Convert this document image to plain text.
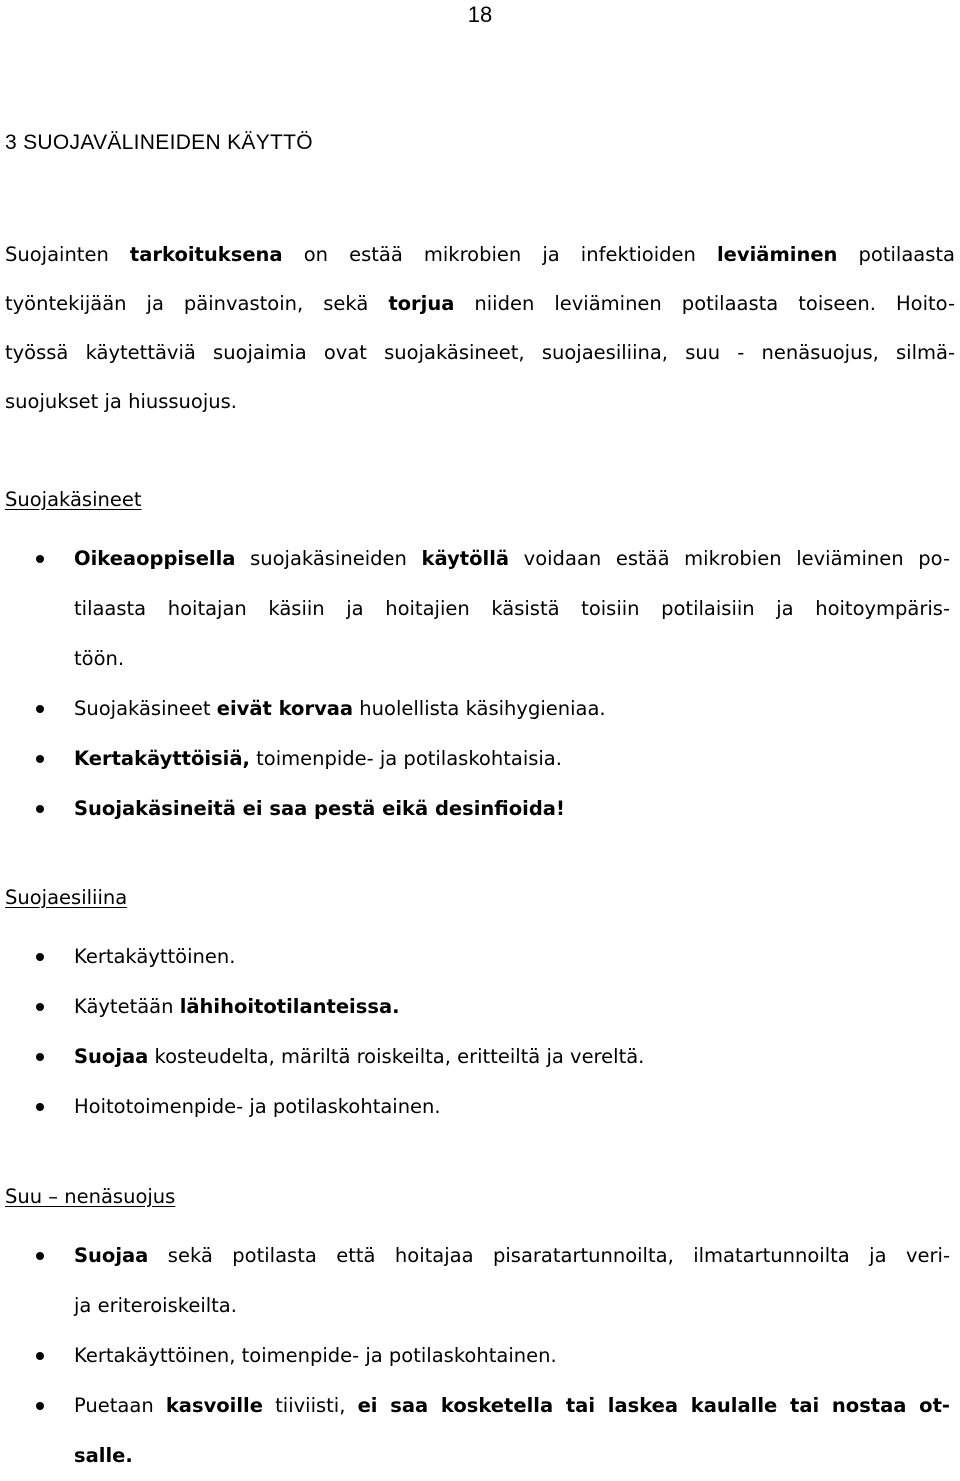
18
3 SUOJAVÄLINEIDEN KÄYTTÖ

Suojainten tarkoituksena on estää mikrobien ja infektioiden leviäminen potilaasta
työntekijään ja päinvastoin, sekä torjua niiden leviäminen potilaasta toiseen. Hoito-
työssä käytettäviä suojaimia ovat suojakäsineet, suojaesiliina, suu - nenäsuojus, silmä-
suojukset ja hiussuojus.

Suojakäsineet
Oikeaoppisella suojakäsineiden käytöllä voidaan estää mikrobien leviäminen po-
tilaasta hoitajan käsiin ja hoitajien käsistä toisiin potilaisiin ja hoitoympäris-
töön.
Suojakäsineet eivät korvaa huolellista käsihygieniaa.
Kertakäyttöisiä, toimenpide- ja potilaskohtaisia.
Suojakäsineitä ei saa pestä eikä desinfioida!
Suojaesiliina
Kertakäyttöinen.
Käytetään lähihoitotilanteissa.
Suojaa kosteudelta, märiltä roiskeilta, eritteiltä ja vereltä.
Hoitotoimenpide- ja potilaskohtainen.
Suu – nenäsuojus
Suojaa sekä potilasta että hoitajaa pisaratartunnoilta, ilmatartunnoilta ja veri-
ja eriteroiskeilta.
Kertakäyttöinen, toimenpide- ja potilaskohtainen.
Puetaan kasvoille tiiviisti, ei saa kosketella tai laskea kaulalle tai nostaa ot-
salle.
